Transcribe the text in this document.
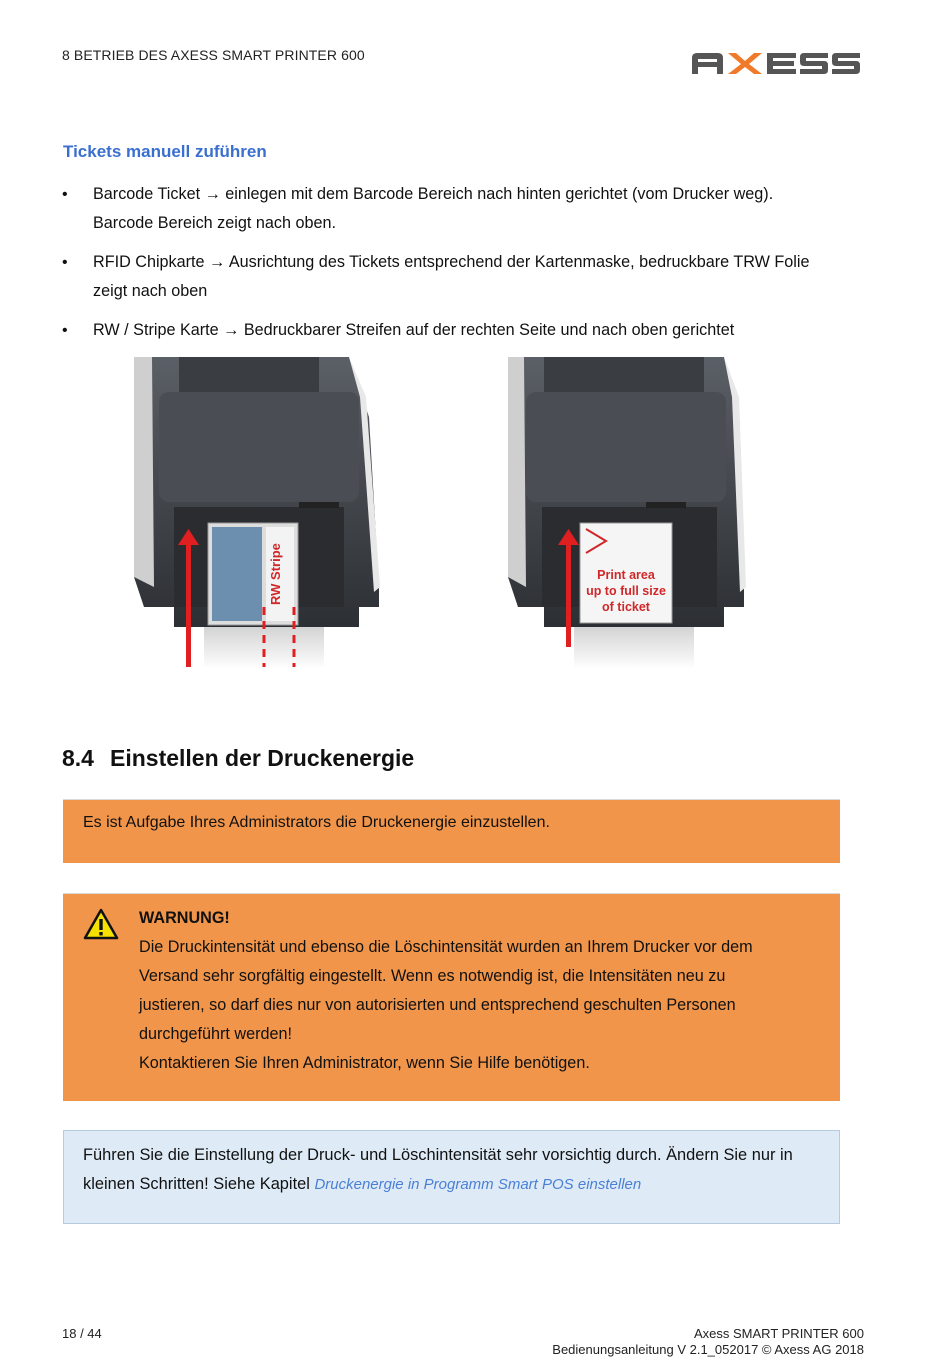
8 BETRIEB DES AXESS SMART PRINTER 600
Tickets manuell zuführen
• Barcode Ticket → einlegen mit dem Barcode Bereich nach hinten gerichtet (vom Drucker weg).
Barcode Bereich zeigt nach oben.
• RFID Chipkarte → Ausrichtung des Tickets entsprechend der Kartenmaske, bedruckbare TRW Folie
zeigt nach oben
• RW / Stripe Karte → Bedruckbarer Streifen auf der rechten Seite und nach oben gerichtet
RW Stripe	Print area
up to full size
of ticket
8.4 Einstellen der Druckenergie
Es ist Aufgabe Ihres Administrators die Druckenergie einzustellen.
WARNUNG!
Die Druckintensität und ebenso die Löschintensität wurden an Ihrem Drucker vor dem
Versand sehr sorgfältig eingestellt. Wenn es notwendig ist, die Intensitäten neu zu
justieren, so darf dies nur von autorisierten und entsprechend geschulten Personen
durchgeführt werden!
Kontaktieren Sie Ihren Administrator, wenn Sie Hilfe benötigen.
Führen Sie die Einstellung der Druck- und Löschintensität sehr vorsichtig durch. Ändern Sie nur in
kleinen Schritten! Siehe Kapitel Druckenergie in Programm Smart POS einstellen
18 / 44	Axess SMART PRINTER 600
Bedienungsanleitung V 2.1_052017 © Axess AG 2018
